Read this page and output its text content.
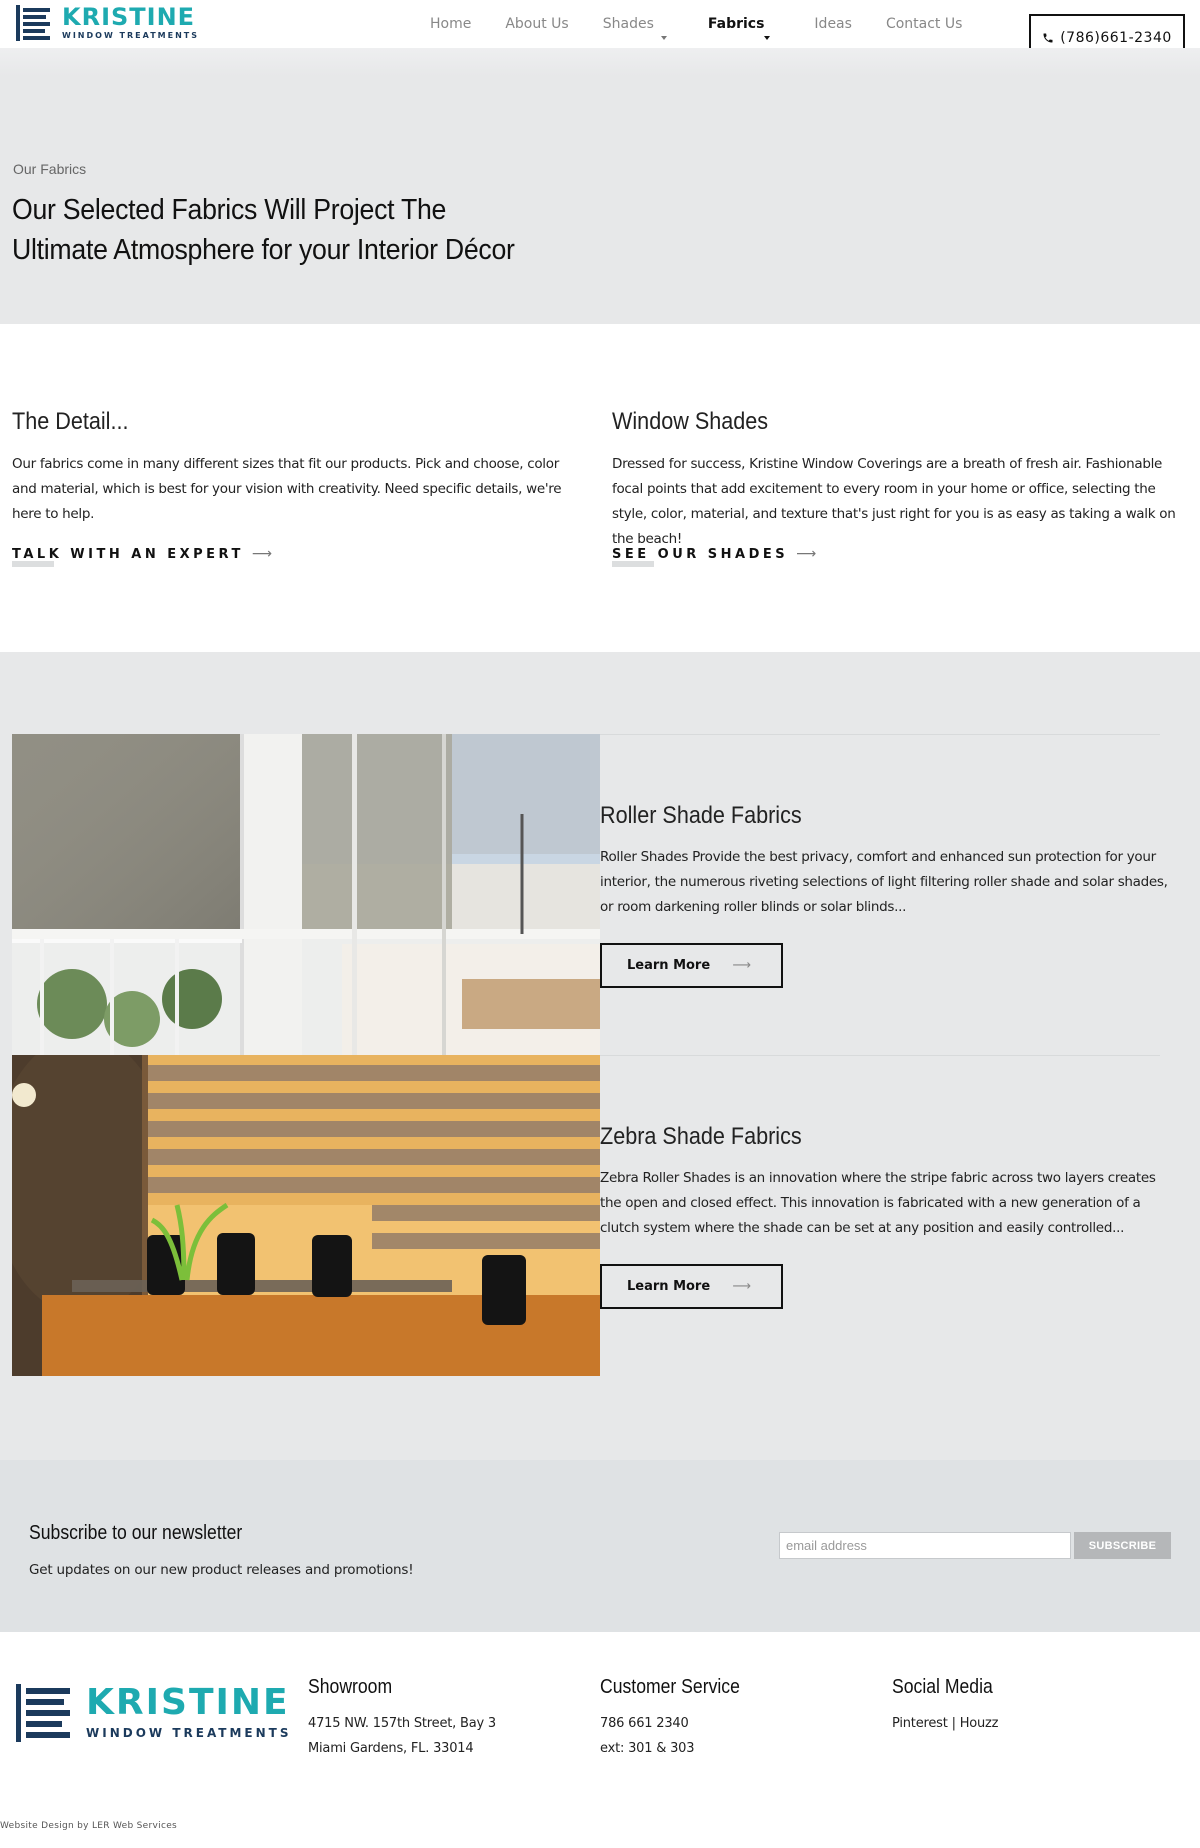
KRISTINE
WINDOW TREATMENTS
Home About Us Shades	Fabrics	Ideas Contact Us
(786)661-2340
Our Fabrics
Our Selected Fabrics Will Project The Ultimate Atmosphere for your Interior Décor
The Detail...

Our fabrics come in many different sizes that fit our products. Pick and choose, color and material, which is best for your vision with creativity. Need specific details, we're here to help.

TALK WITH AN EXPERT ⟶
Window Shades

Dressed for success, Kristine Window Coverings are a breath of fresh air. Fashionable focal points that add excitement to every room in your home or office, selecting the style, color, material, and texture that's just right for you is as easy as taking a walk on the beach!

SEE OUR SHADES ⟶
Roller Shade Fabrics
Roller Shades Provide the best privacy, comfort and enhanced sun protection for your interior, the numerous riveting selections of light filtering roller shade and solar shades, or room darkening roller blinds or solar blinds...
Learn More ⟶
Zebra Shade Fabrics
Zebra Roller Shades is an innovation where the stripe fabric across two layers creates the open and closed effect. This innovation is fabricated with a new generation of a clutch system where the shade can be set at any position and easily controlled...
Learn More ⟶
Subscribe to our newsletter
Get updates on our new product releases and promotions!
email address
SUBSCRIBE
KRISTINE
WINDOW TREATMENTS
Showroom
4715 NW. 157th Street, Bay 3
Miami Gardens, FL. 33014
Customer Service
786 661 2340
ext: 301 & 303
Social Media
Pinterest | Houzz
Website Design by LER Web Services
